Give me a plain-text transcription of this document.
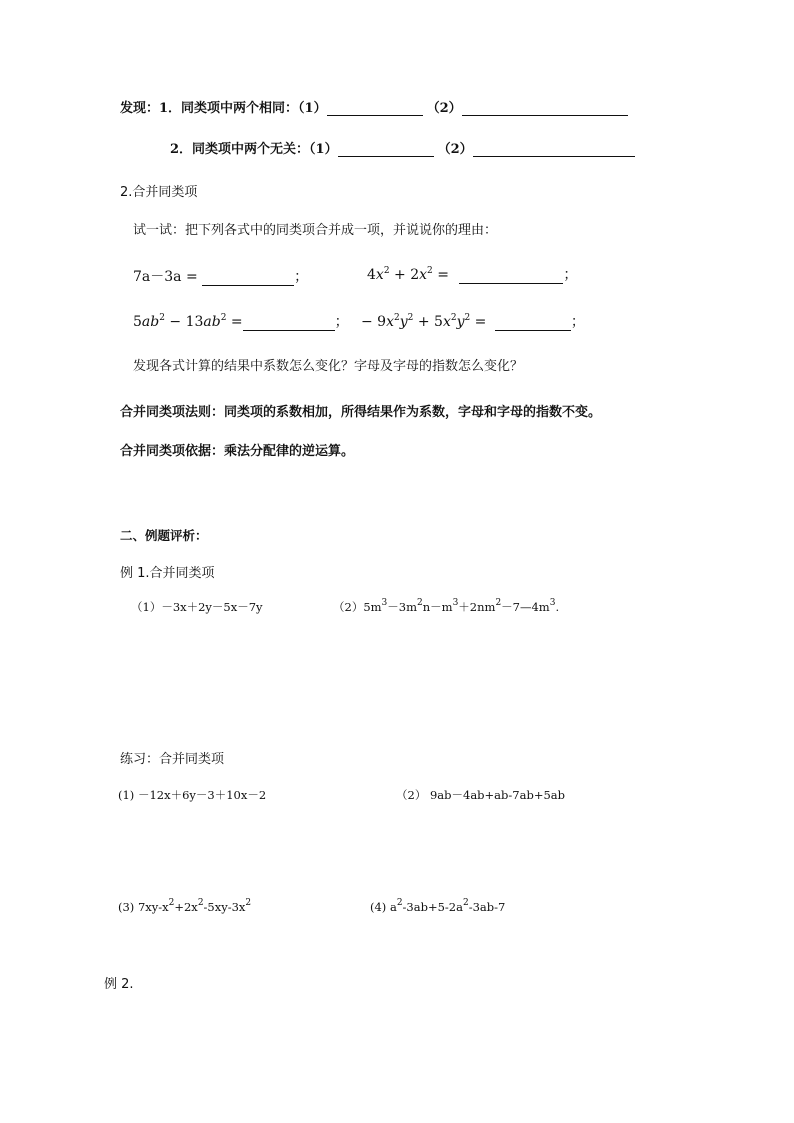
发现：1．同类项中两个相同：（1）	（2）
2．同类项中两个无关：（1）	（2）
2.合并同类项
试一试：把下列各式中的同类项合并成一项，并说说你的理由：
7a－3a =	；	$4x^2 + 2x^2$ =	；
$5ab^2 - 13ab^2$ =	； − $9x^2y^2 + 5x^2y^2$ =	；
发现各式计算的结果中系数怎么变化？字母及字母的指数怎么变化？
合并同类项法则：同类项的系数相加，所得结果作为系数，字母和字母的指数不变。
合并同类项依据：乘法分配律的逆运算。
二、例题评析：
例 1.合并同类项
（1）－3x＋2y－5x－7y	$(2)5m^3-3m^2n-m^3+2nm^2-7—4m^3$.
练习：合并同类项
(1) －12x＋6y－3＋10x－2	（2） 9ab－4ab+ab-7ab+5ab
(3) $7xy-x^2+2x^2-5xy-3x^2$	(4) $a^2-3ab+5-2a^2-3ab-7$
例 2.
